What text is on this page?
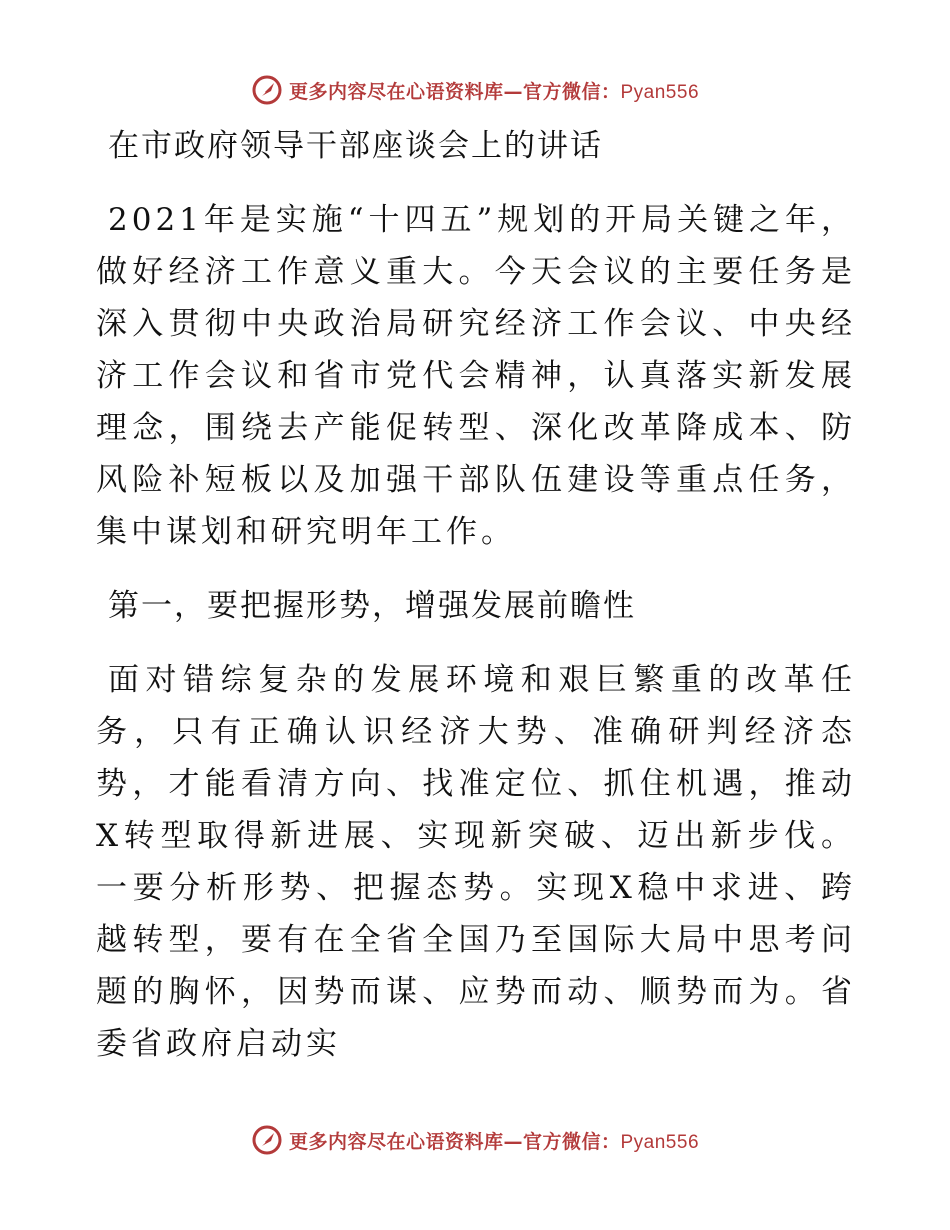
更多内容尽在心语资料库—官方微信：Pyan556
在市政府领导干部座谈会上的讲话

2021年是实施“十四五”规划的开局关键之年，做好经济工作意义重大。今天会议的主要任务是深入贯彻中央政治局研究经济工作会议、中央经济工作会议和省市党代会精神，认真落实新发展理念，围绕去产能促转型、深化改革降成本、防风险补短板以及加强干部队伍建设等重点任务，集中谋划和研究明年工作。

第一，要把握形势，增强发展前瞻性

面对错综复杂的发展环境和艰巨繁重的改革任务，只有正确认识经济大势、准确研判经济态势，才能看清方向、找准定位、抓住机遇，推动X转型取得新进展、实现新突破、迈出新步伐。一要分析形势、把握态势。实现X稳中求进、跨越转型，要有在全省全国乃至国际大局中思考问题的胸怀，因势而谋、应势而动、顺势而为。省委省政府启动实

更多内容尽在心语资料库—官方微信：Pyan556
